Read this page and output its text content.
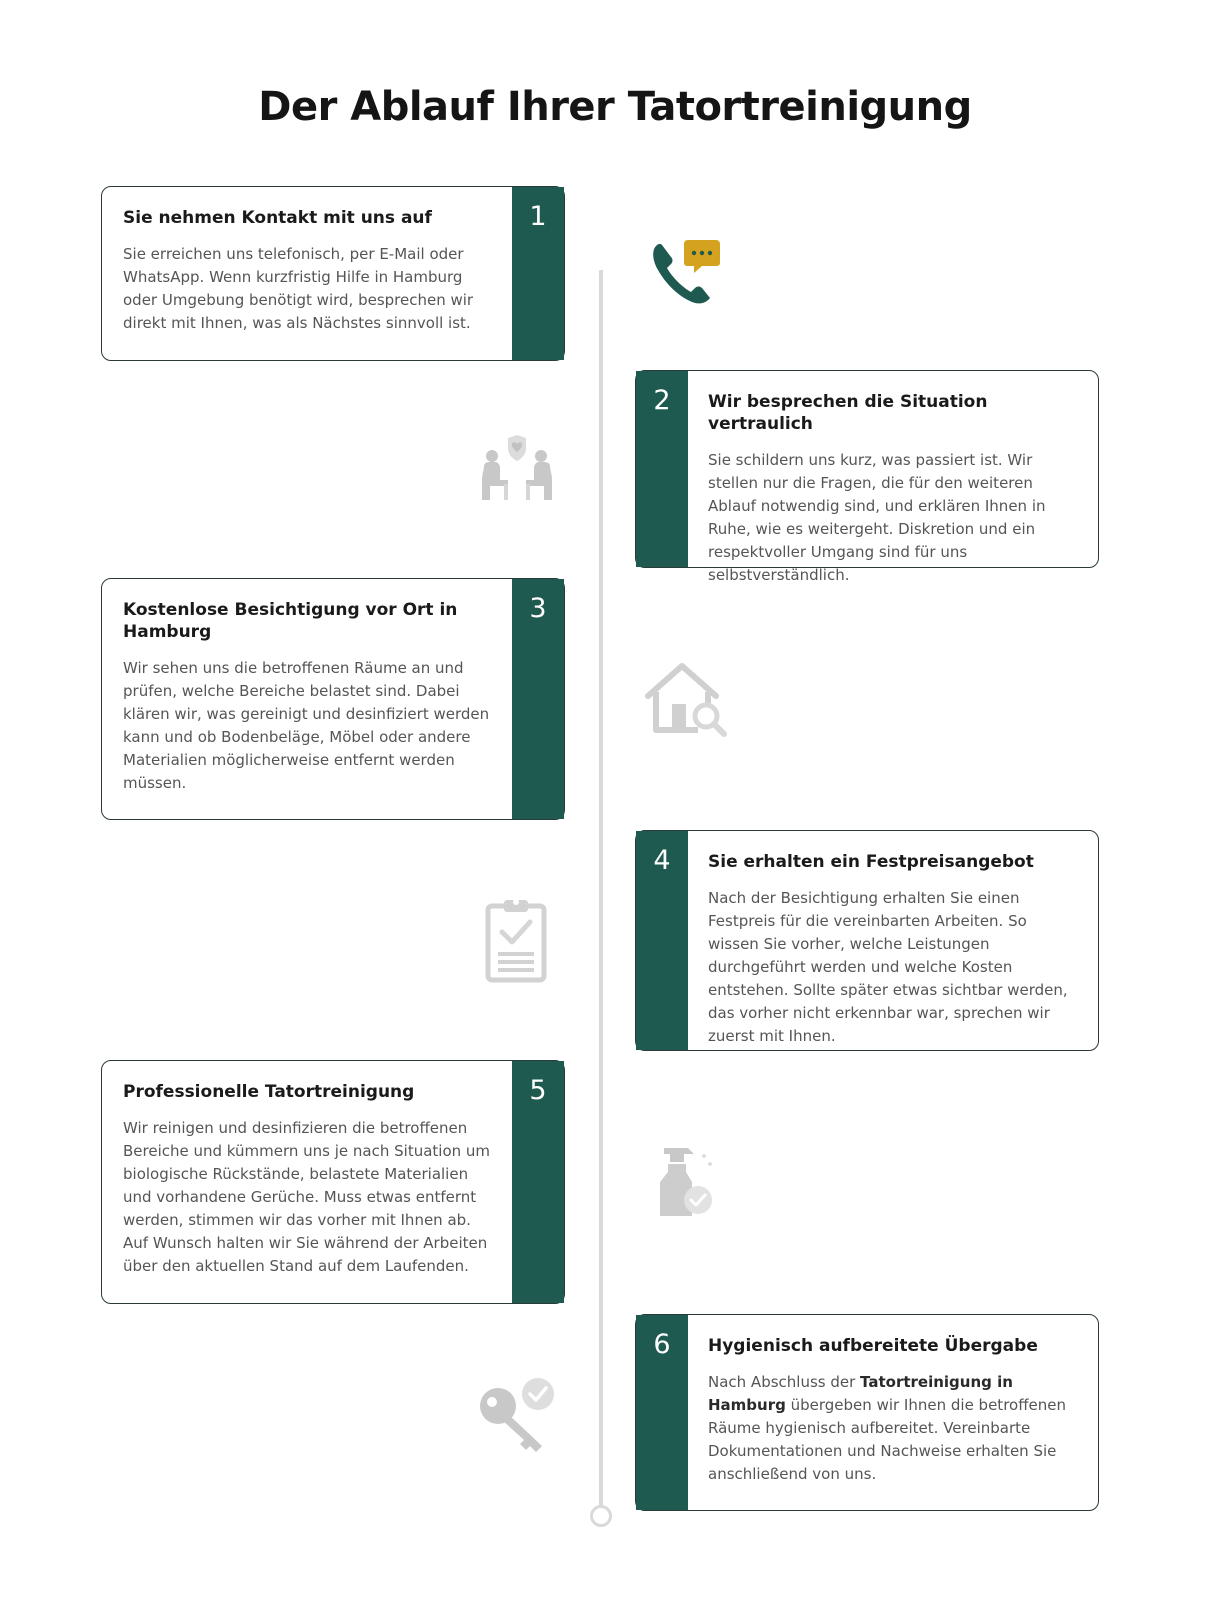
Der Ablauf Ihrer Tatortreinigung
1
Sie nehmen Kontakt mit uns auf

Sie erreichen uns telefonisch, per E-Mail oder WhatsApp. Wenn kurzfristig Hilfe in Hamburg oder Umgebung benötigt wird, besprechen wir direkt mit Ihnen, was als Nächstes sinnvoll ist.

2	Wir besprechen die Situation vertraulich

Sie schildern uns kurz, was passiert ist. Wir stellen nur die Fragen, die für den weiteren Ablauf notwendig sind, und erklären Ihnen in Ruhe, wie es weitergeht. Diskretion und ein respektvoller Umgang sind für uns selbstverständlich.

3
Kostenlose Besichtigung vor Ort in Hamburg

Wir sehen uns die betroffenen Räume an und prüfen, welche Bereiche belastet sind. Dabei klären wir, was gereinigt und desinfiziert werden kann und ob Bodenbeläge, Möbel oder andere Materialien möglicherweise entfernt werden müssen.

4	Sie erhalten ein Festpreisangebot

Nach der Besichtigung erhalten Sie einen Festpreis für die vereinbarten Arbeiten. So wissen Sie vorher, welche Leistungen durchgeführt werden und welche Kosten entstehen. Sollte später etwas sichtbar werden, das vorher nicht erkennbar war, sprechen wir zuerst mit Ihnen.

5
Professionelle Tatortreinigung

Wir reinigen und desinfizieren die betroffenen Bereiche und kümmern uns je nach Situation um biologische Rückstände, belastete Materialien und vorhandene Gerüche. Muss etwas entfernt werden, stimmen wir das vorher mit Ihnen ab. Auf Wunsch halten wir Sie während der Arbeiten über den aktuellen Stand auf dem Laufenden.

6	Hygienisch aufbereitete Übergabe

Nach Abschluss der Tatortreinigung in Hamburg übergeben wir Ihnen die betroffenen Räume hygienisch aufbereitet. Vereinbarte Dokumentationen und Nachweise erhalten Sie anschließend von uns.
